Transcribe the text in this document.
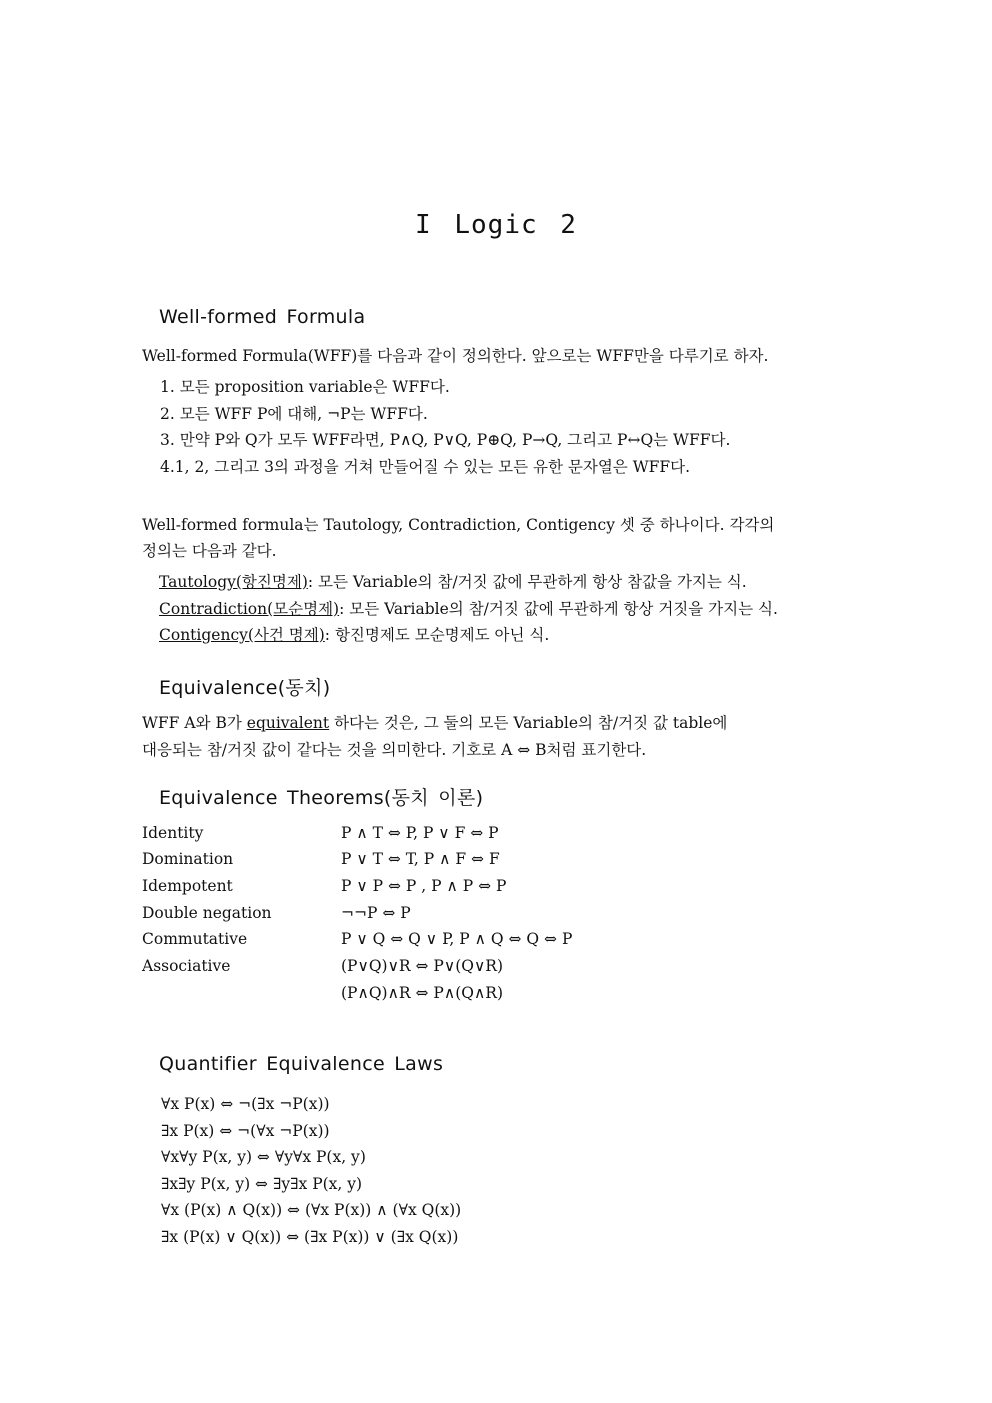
I Logic 2
Well-formed Formula
Well-formed Formula(WFF)를 다음과 같이 정의한다. 앞으로는 WFF만을 다루기로 하자.
1. 모든 proposition variable은 WFF다.
2. 모든 WFF P에 대해, ¬P는 WFF다.
3. 만약 P와 Q가 모두 WFF라면, P∧Q, P∨Q, P⊕Q, P→Q, 그리고 P↔Q는 WFF다.
4.1, 2, 그리고 3의 과정을 거쳐 만들어질 수 있는 모든 유한 문자열은 WFF다.
Well-formed formula는 Tautology, Contradiction, Contigency 셋 중 하나이다. 각각의
정의는 다음과 같다.
Tautology(항진명제): 모든 Variable의 참/거짓 값에 무관하게 항상 참값을 가지는 식.
Contradiction(모순명제): 모든 Variable의 참/거짓 값에 무관하게 항상 거짓을 가지는 식.
Contigency(사건 명제): 항진명제도 모순명제도 아닌 식.
Equivalence(동치)
WFF A와 B가 equivalent 하다는 것은, 그 둘의 모든 Variable의 참/거짓 값 table에
대응되는 참/거짓 값이 같다는 것을 의미한다. 기호로 A ⇔ B처럼 표기한다.
Equivalence Theorems(동치 이론)
Identity	P ∧ T ⇔ P, P ∨ F ⇔ P
Domination	P ∨ T ⇔ T, P ∧ F ⇔ F
Idempotent	P ∨ P ⇔ P , P ∧ P ⇔ P
Double negation	¬¬P ⇔ P
Commutative	P ∨ Q ⇔ Q ∨ P, P ∧ Q ⇔ Q ⇔ P
Associative	(P∨Q)∨R ⇔ P∨(Q∨R)
(P∧Q)∧R ⇔ P∧(Q∧R)
Quantifier Equivalence Laws
∀x P(x) ⇔ ¬(∃x ¬P(x))
∃x P(x) ⇔ ¬(∀x ¬P(x))
∀x∀y P(x, y) ⇔ ∀y∀x P(x, y)
∃x∃y P(x, y) ⇔ ∃y∃x P(x, y)
∀x (P(x) ∧ Q(x)) ⇔ (∀x P(x)) ∧ (∀x Q(x))
∃x (P(x) ∨ Q(x)) ⇔ (∃x P(x)) ∨ (∃x Q(x))
